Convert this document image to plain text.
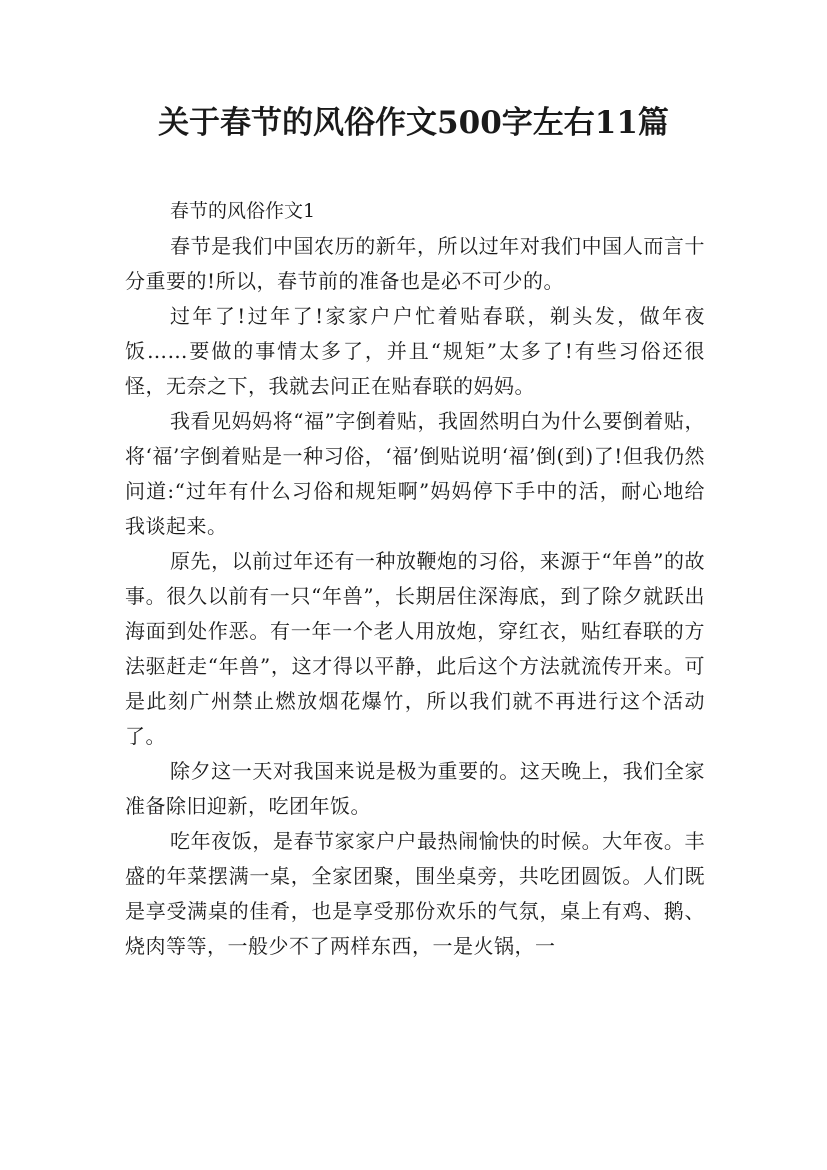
关于春节的风俗作文500字左右11篇

春节的风俗作文1

春节是我们中国农历的新年，所以过年对我们中国人而言十分重要的!所以，春节前的准备也是必不可少的。

过年了!过年了!家家户户忙着贴春联，剃头发，做年夜饭……要做的事情太多了，并且“规矩”太多了!有些习俗还很怪，无奈之下，我就去问正在贴春联的妈妈。

我看见妈妈将“福”字倒着贴，我固然明白为什么要倒着贴，将‘福’字倒着贴是一种习俗，‘福’倒贴说明‘福’倒(到)了!但我仍然问道:“过年有什么习俗和规矩啊”妈妈停下手中的活，耐心地给我谈起来。

原先，以前过年还有一种放鞭炮的习俗，来源于“年兽”的故事。很久以前有一只“年兽”，长期居住深海底，到了除夕就跃出海面到处作恶。有一年一个老人用放炮，穿红衣，贴红春联的方法驱赶走“年兽”，这才得以平静，此后这个方法就流传开来。可是此刻广州禁止燃放烟花爆竹，所以我们就不再进行这个活动了。

除夕这一天对我国来说是极为重要的。这天晚上，我们全家准备除旧迎新，吃团年饭。

吃年夜饭，是春节家家户户最热闹愉快的时候。大年夜。丰盛的年菜摆满一桌，全家团聚，围坐桌旁，共吃团圆饭。人们既是享受满桌的佳肴，也是享受那份欢乐的气氛，桌上有鸡、鹅、烧肉等等，一般少不了两样东西，一是火锅，一
